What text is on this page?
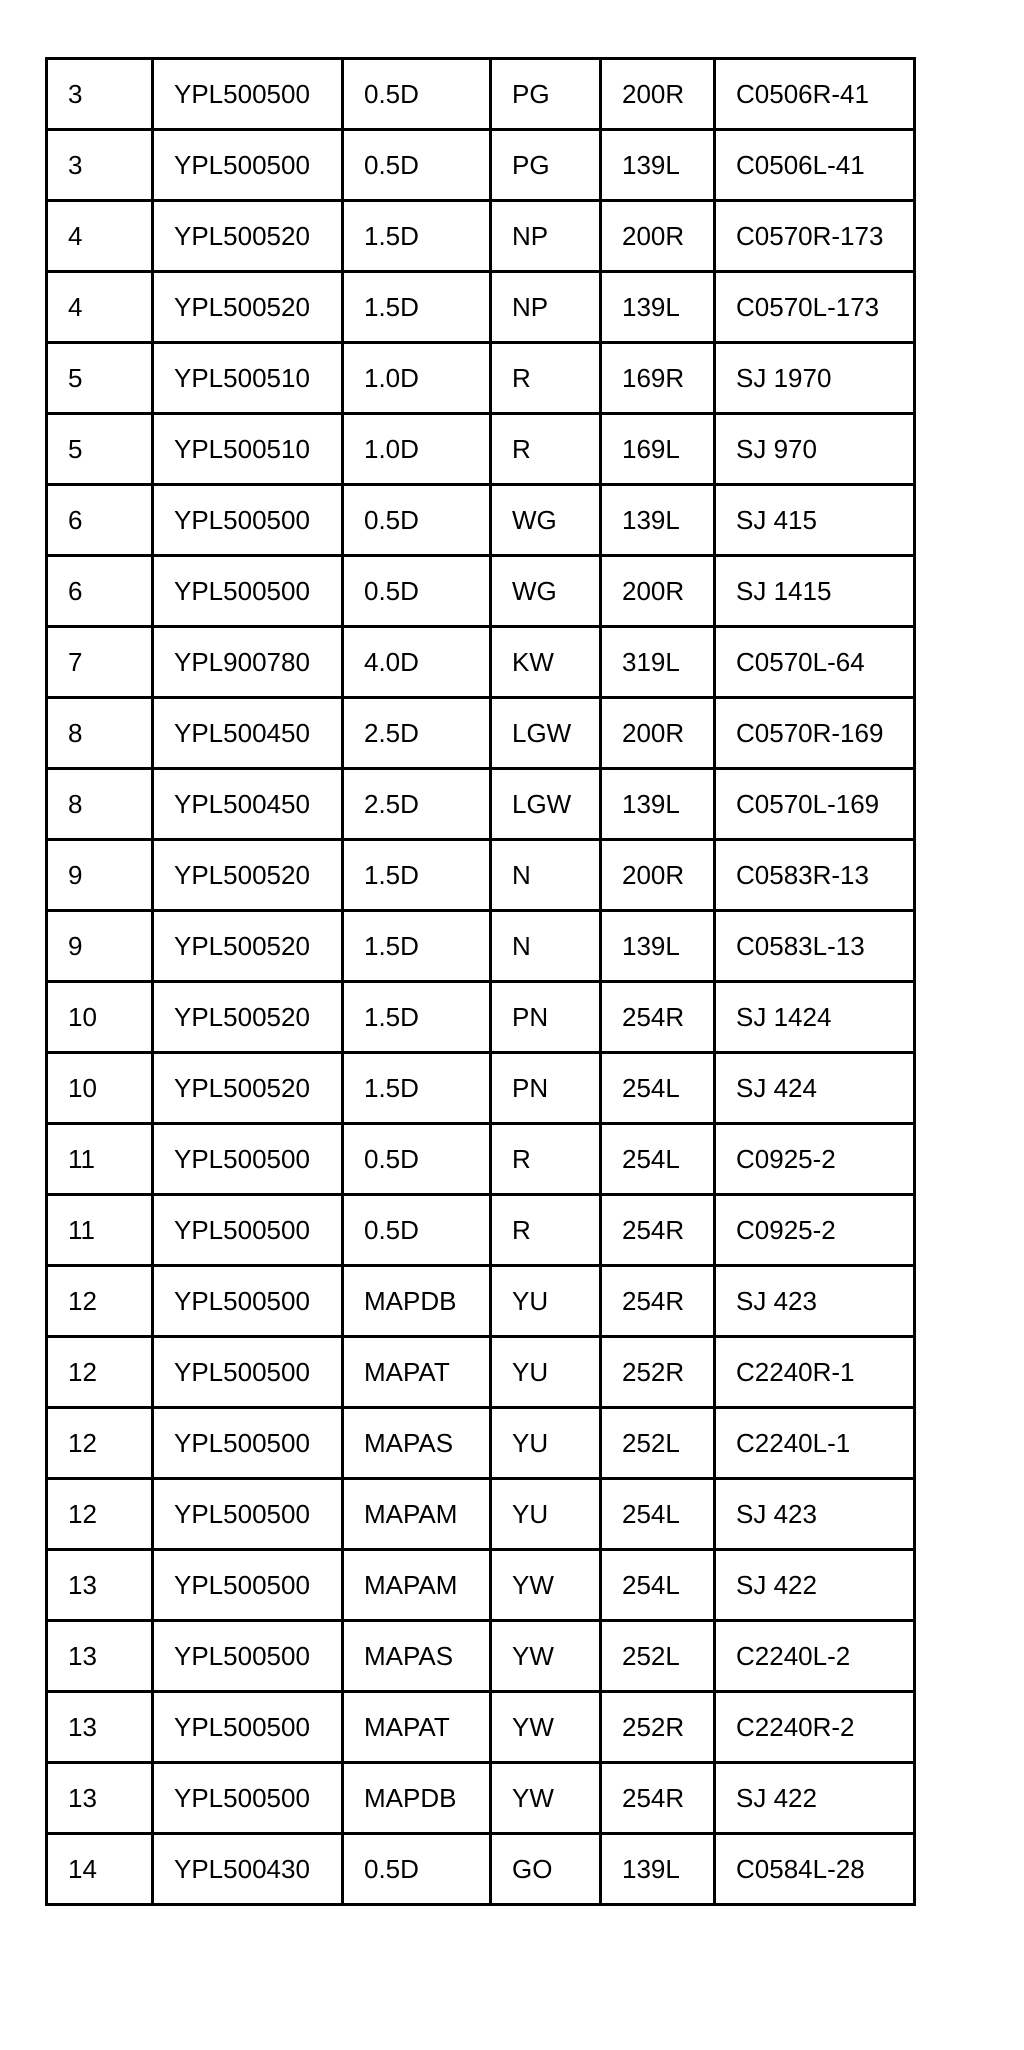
3	YPL500500	0.5D	PG	200R	C0506R-41
3	YPL500500	0.5D	PG	139L	C0506L-41
4	YPL500520	1.5D	NP	200R	C0570R-173
4	YPL500520	1.5D	NP	139L	C0570L-173
5	YPL500510	1.0D	R	169R	SJ 1970
5	YPL500510	1.0D	R	169L	SJ 970
6	YPL500500	0.5D	WG	139L	SJ 415
6	YPL500500	0.5D	WG	200R	SJ 1415
7	YPL900780	4.0D	KW	319L	C0570L-64
8	YPL500450	2.5D	LGW	200R	C0570R-169
8	YPL500450	2.5D	LGW	139L	C0570L-169
9	YPL500520	1.5D	N	200R	C0583R-13
9	YPL500520	1.5D	N	139L	C0583L-13
10	YPL500520	1.5D	PN	254R	SJ 1424
10	YPL500520	1.5D	PN	254L	SJ 424
11	YPL500500	0.5D	R	254L	C0925-2
11	YPL500500	0.5D	R	254R	C0925-2
12	YPL500500	MAPDB	YU	254R	SJ 423
12	YPL500500	MAPAT	YU	252R	C2240R-1
12	YPL500500	MAPAS	YU	252L	C2240L-1
12	YPL500500	MAPAM	YU	254L	SJ 423
13	YPL500500	MAPAM	YW	254L	SJ 422
13	YPL500500	MAPAS	YW	252L	C2240L-2
13	YPL500500	MAPAT	YW	252R	C2240R-2
13	YPL500500	MAPDB	YW	254R	SJ 422
14	YPL500430	0.5D	GO	139L	C0584L-28
